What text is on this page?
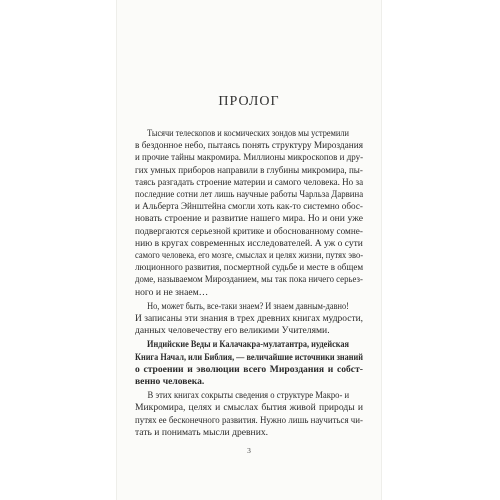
ПРОЛОГ

Тысячи телескопов и космических зондов мы устремили
в бездонное небо, пытаясь понять структуру Мироздания
и прочие тайны макромира. Миллионы микроскопов и дру-
гих умных приборов направили в глубины микромира, пы-
таясь разгадать строение материи и самого человека. Но за
последние сотни лет лишь научные работы Чарльза Дарвина
и Альберта Эйнштейна смогли хоть как-то системно обос-
новать строение и развитие нашего мира. Но и они уже
подвергаются серьезной критике и обоснованному сомне-
нию в кругах современных исследователей. А уж о сути
самого человека, его мозге, смыслах и целях жизни, путях эво-
люционного развития, посмертной судьбе и месте в общем
доме, называемом Мирозданием, мы так пока ничего серьез-
ного и не знаем…

Но, может быть, все-таки знаем? И знаем давным-давно!
И записаны эти знания в трех древних книгах мудрости,
данных человечеству его великими Учителями.

Индийские Веды и Калачакра-мулатантра, иудейская
Книга Начал, или Библия, — величайшие источники знаний
о строении и эволюции всего Мироздания и собст-
венно человека.

В этих книгах сокрыты сведения о структуре Макро- и
Микромира, целях и смыслах бытия живой природы и
путях ее бесконечного развития. Нужно лишь научиться чи-
тать и понимать мысли древних.

3
